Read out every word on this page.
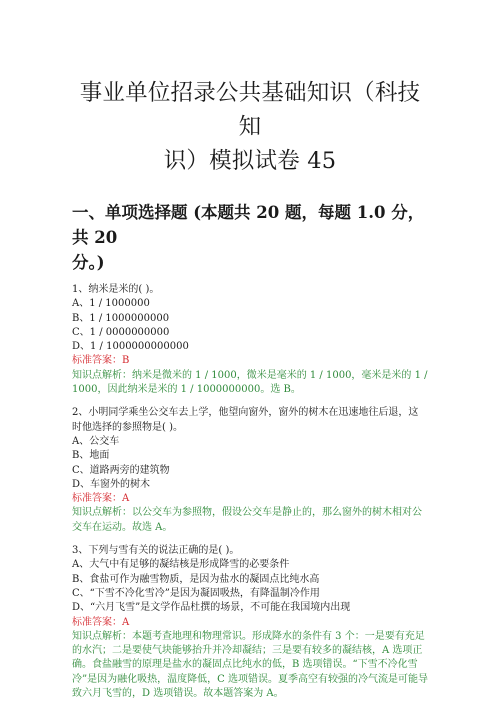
事业单位招录公共基础知识（科技知
识）模拟试卷 45
一、单项选择题 (本题共 20 题，每题 1.0 分，共 20
分。)
1、纳米是米的( )。
A、1 / 1000000
B、1 / 1000000000
C、1 / 0000000000
D、1 / 1000000000000
标准答案：B
知识点解析：纳米是微米的 1 / 1000，微米是毫米的 1 / 1000，毫米是米的 1 / 1000，因此纳米是米的 1 / 1000000000。选 B。
2、小明同学乘坐公交车去上学，他望向窗外，窗外的树木在迅速地往后退，这时他选择的参照物是( )。
A、公交车
B、地面
C、道路两旁的建筑物
D、车窗外的树木
标准答案：A
知识点解析：以公交车为参照物，假设公交车是静止的，那么窗外的树木相对公交车在运动。故选 A。
3、下列与雪有关的说法正确的是( )。
A、大气中有足够的凝结核是形成降雪的必要条件
B、食盐可作为融雪物质，是因为盐水的凝固点比纯水高
C、“下雪不冷化雪冷”是因为凝固吸热，有降温制冷作用
D、“六月飞雪”是文学作品杜撰的场景，不可能在我国境内出现
标准答案：A
知识点解析：本题考查地理和物理常识。形成降水的条件有 3 个：一是要有充足的水汽；二是要使气块能够抬升并冷却凝结；三是要有较多的凝结核，A 选项正确。食盐融雪的原理是盐水的凝固点比纯水的低，B 选项错误。“下雪不冷化雪冷”是因为融化吸热，温度降低，C 选项错误。夏季高空有较强的冷气流是可能导致六月飞雪的，D 选项错误。故本题答案为 A。
